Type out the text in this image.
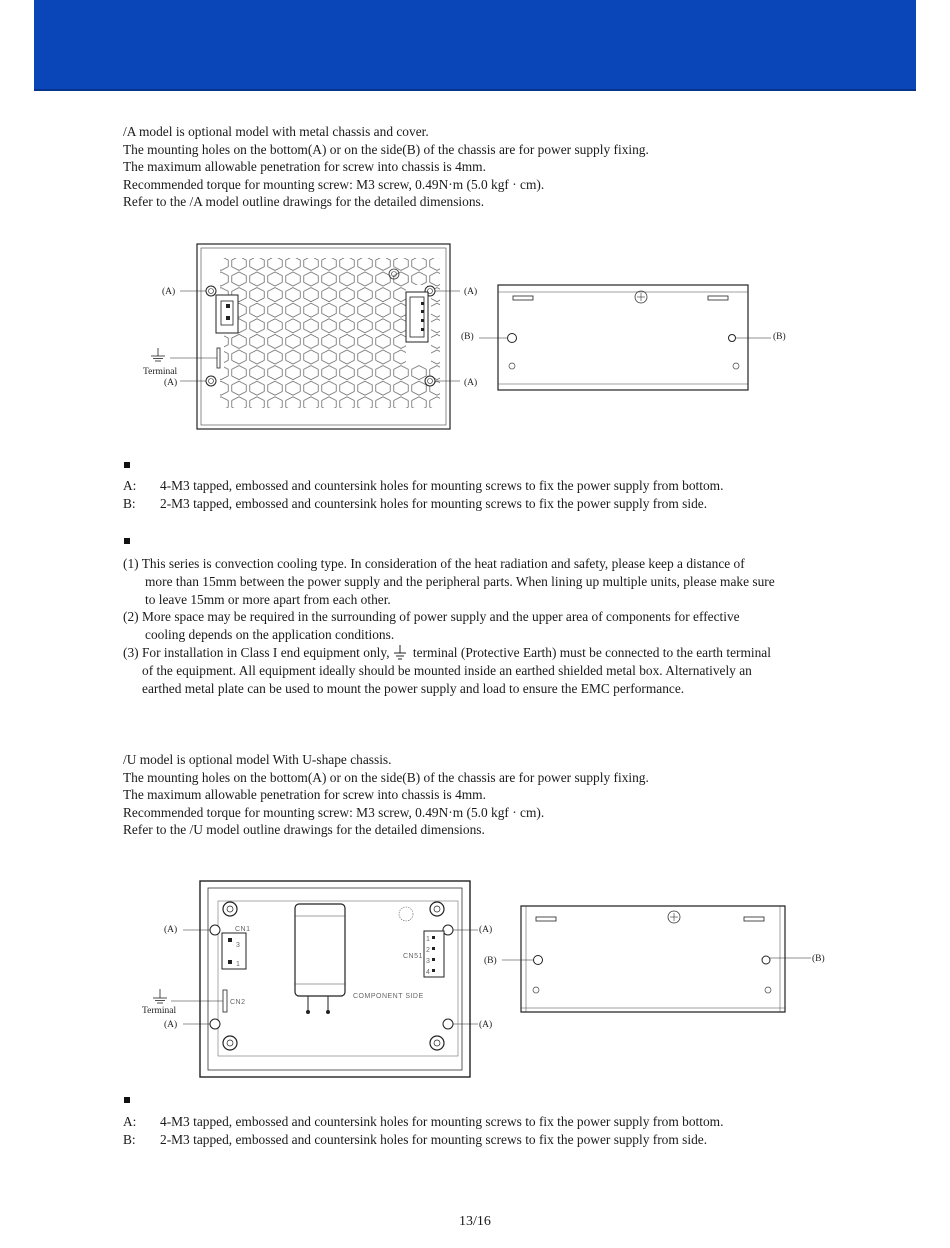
/A model is optional model with metal chassis and cover.

The mounting holes on the bottom(A) or on the side(B) of the chassis are for power supply fixing.

The maximum allowable penetration for screw into chassis is 4mm.

Recommended torque for mounting screw: M3 screw, 0.49N·m (5.0 kgf · cm).

Refer to the /A model outline drawings for the detailed dimensions.

(A)
(A)
Terminal
(A)
(A)
(B)	(B)
A: 4-M3 tapped, embossed and countersink holes for mounting screws to fix the power supply from bottom.
B: 2-M3 tapped, embossed and countersink holes for mounting screws to fix the power supply from side.
(1) This series is convection cooling type. In consideration of the heat radiation and safety, please keep a distance of
more than 15mm between the power supply and the peripheral parts. When lining up multiple units, please make sure
to leave 15mm or more apart from each other.
(2) More space may be required in the surrounding of power supply and the upper area of components for effective
cooling depends on the application conditions.
(3) For installation in Class I end equipment only, terminal (Protective Earth) must be connected to the earth terminal
of the equipment. All equipment ideally should be mounted inside an earthed shielded metal box. Alternatively an
earthed metal plate can be used to mount the power supply and load to ensure the EMC performance.

/U model is optional model With U-shape chassis.

The mounting holes on the bottom(A) or on the side(B) of the chassis are for power supply fixing.

The maximum allowable penetration for screw into chassis is 4mm.

Recommended torque for mounting screw: M3 screw, 0.49N·m (5.0 kgf · cm).

Refer to the /U model outline drawings for the detailed dimensions.

CN1
3
1
CN2
CN51
1
2
3
4
COMPONENT SIDE
(A)
(A)
Terminal
(A)
(A)
(B)	(B)
A: 4-M3 tapped, embossed and countersink holes for mounting screws to fix the power supply from bottom.
B: 2-M3 tapped, embossed and countersink holes for mounting screws to fix the power supply from side.
13/16
